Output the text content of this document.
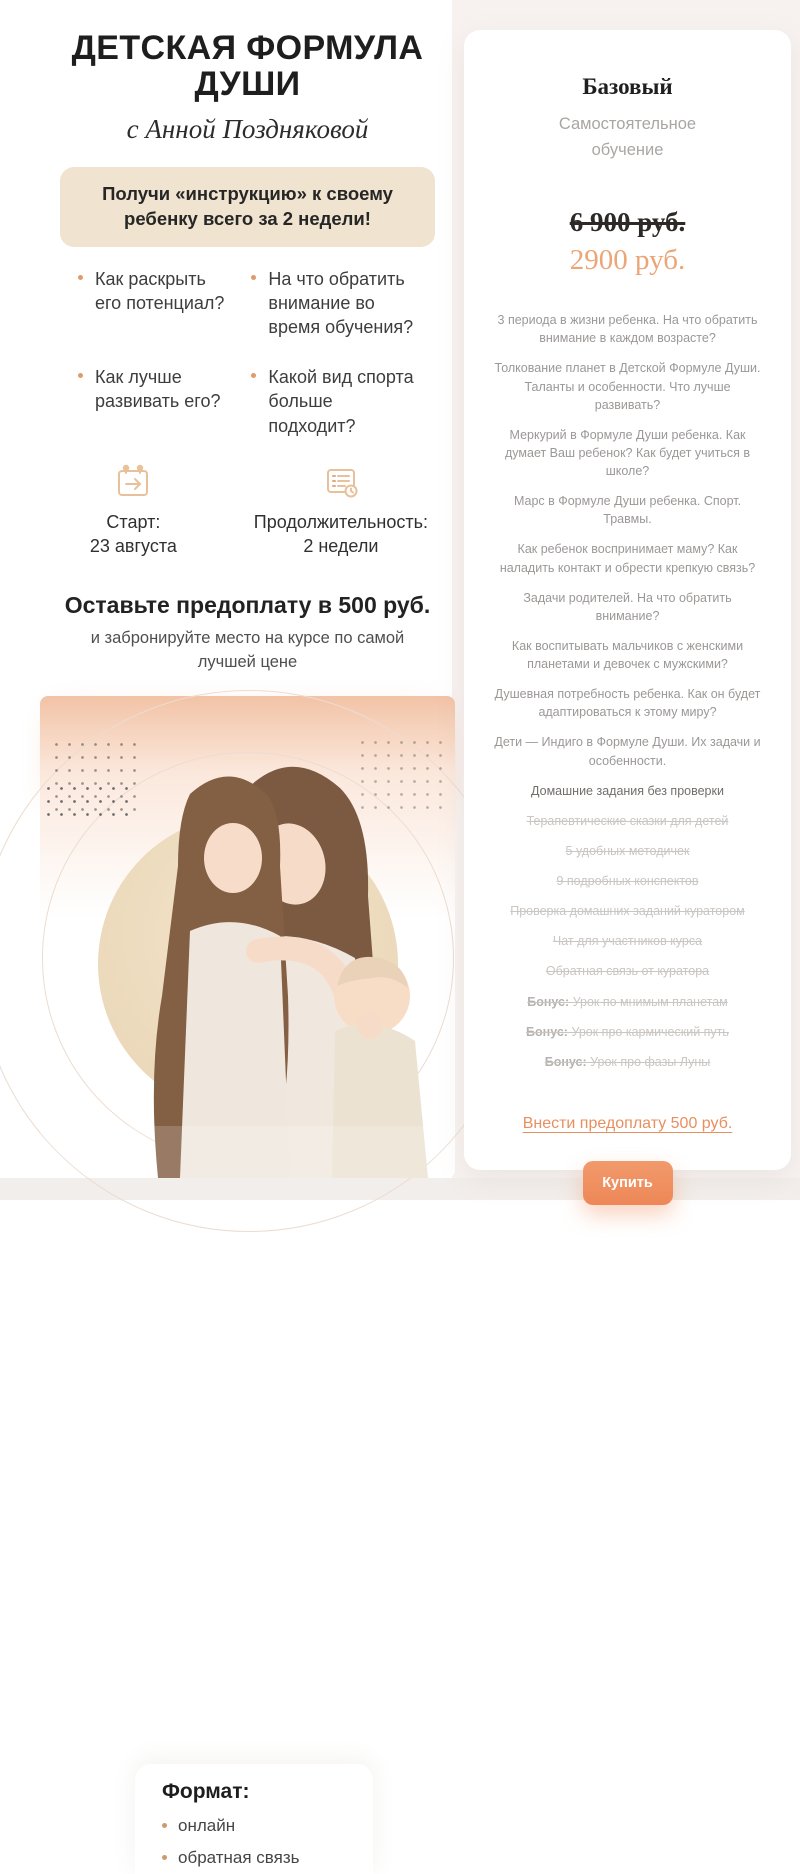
ДЕТСКАЯ ФОРМУЛА ДУШИ
с Анной Поздняковой
Получи «инструкцию» к своему ребенку всего за 2 недели!
Как раскрыть его потенциал?
На что обратить внимание во время обучения?
Как лучше развивать его?
Какой вид спорта больше подходит?
Старт:
23 августа
Продолжительность:
2 недели
Оставьте предоплату в 500 руб.
и забронируйте место на курсе по самой лучшей цене
Формат:
онлайн
обратная связь
Базовый
Самостоятельное обучение
6 900 руб.
2900 руб.
3 периода в жизни ребенка. На что обратить внимание в каждом возрасте?
Толкование планет в Детской Формуле Души. Таланты и особенности. Что лучше развивать?
Меркурий в Формуле Души ребенка. Как думает Ваш ребенок? Как будет учиться в школе?
Марс в Формуле Души ребенка. Спорт. Травмы.
Как ребенок воспринимает маму? Как наладить контакт и обрести крепкую связь?
Задачи родителей. На что обратить внимание?
Как воспитывать мальчиков с женскими планетами и девочек с мужскими?
Душевная потребность ребенка. Как он будет адаптироваться к этому миру?
Дети — Индиго в Формуле Души. Их задачи и особенности.
Домашние задания без проверки
Терапевтические сказки для детей
5 удобных методичек
9 подробных конспектов
Проверка домашних заданий куратором
Чат для участников курса
Обратная связь от куратора
Бонус: Урок по мнимым планетам
Бонус: Урок про кармический путь
Бонус: Урок про фазы Луны
Внести предоплату 500 руб.
Купить
